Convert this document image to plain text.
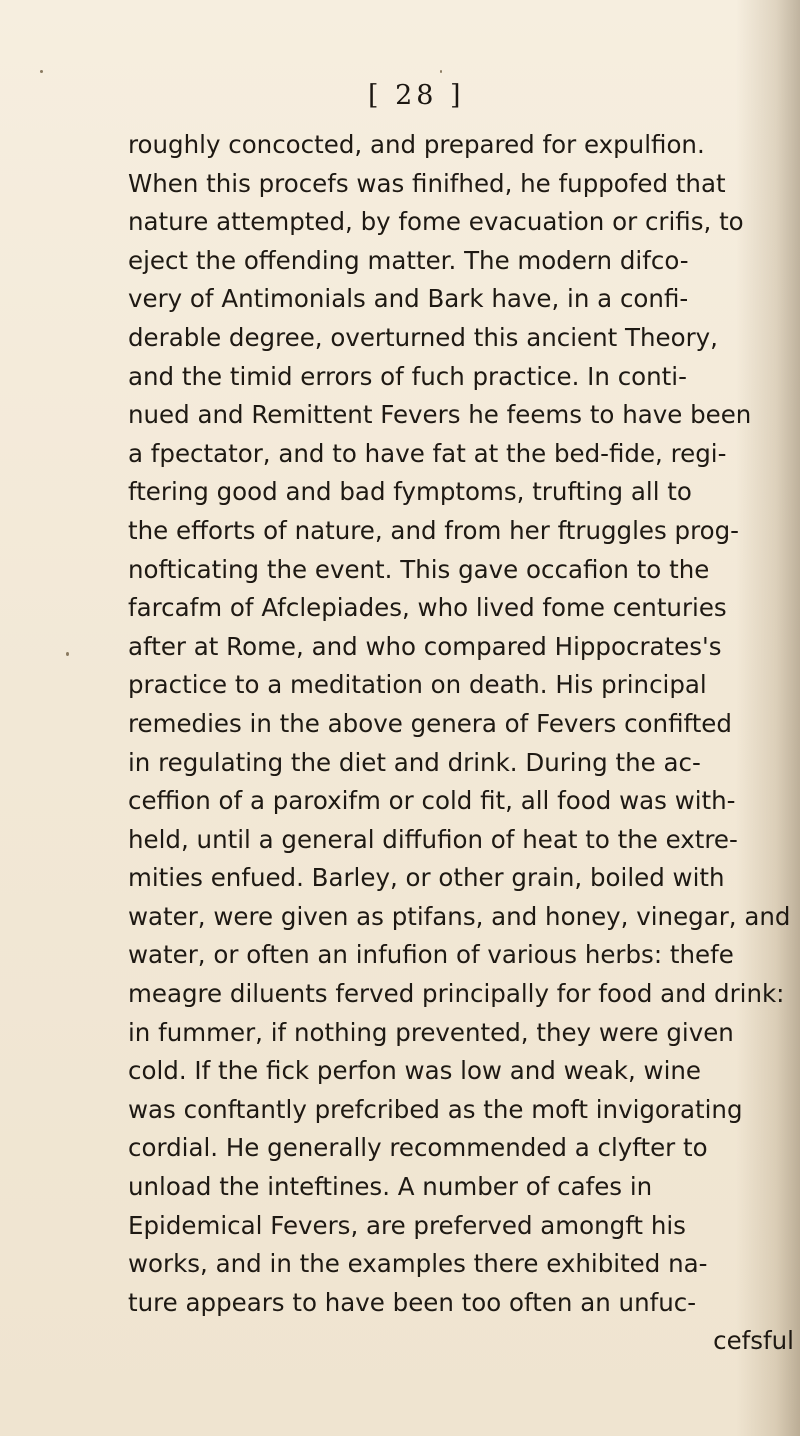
[ 28 ]
roughly concocted, and prepared for expulfion.
When this procefs was finifhed, he fuppofed that
nature attempted, by fome evacuation or crifis, to
eject the offending matter. The modern difco-
very of Antimonials and Bark have, in a confi-
derable degree, overturned this ancient Theory,
and the timid errors of fuch practice. In conti-
nued and Remittent Fevers he feems to have been
a fpectator, and to have fat at the bed-fide, regi-
ftering good and bad fymptoms, trufting all to
the efforts of nature, and from her ftruggles prog-
nofticating the event. This gave occafion to the
farcafm of Afclepiades, who lived fome centuries
after at Rome, and who compared Hippocrates's
practice to a meditation on death. His principal
remedies in the above genera of Fevers confifted
in regulating the diet and drink. During the ac-
ceffion of a paroxifm or cold fit, all food was with-
held, until a general diffufion of heat to the extre-
mities enfued. Barley, or other grain, boiled with
water, were given as ptifans, and honey, vinegar, and
water, or often an infufion of various herbs: thefe
meagre diluents ferved principally for food and drink:
in fummer, if nothing prevented, they were given
cold. If the fick perfon was low and weak, wine
was conftantly prefcribed as the moft invigorating
cordial. He generally recommended a clyfter to
unload the inteftines. A number of cafes in
Epidemical Fevers, are preferved amongft his
works, and in the examples there exhibited na-
ture appears to have been too often an unfuc-
cefsful
